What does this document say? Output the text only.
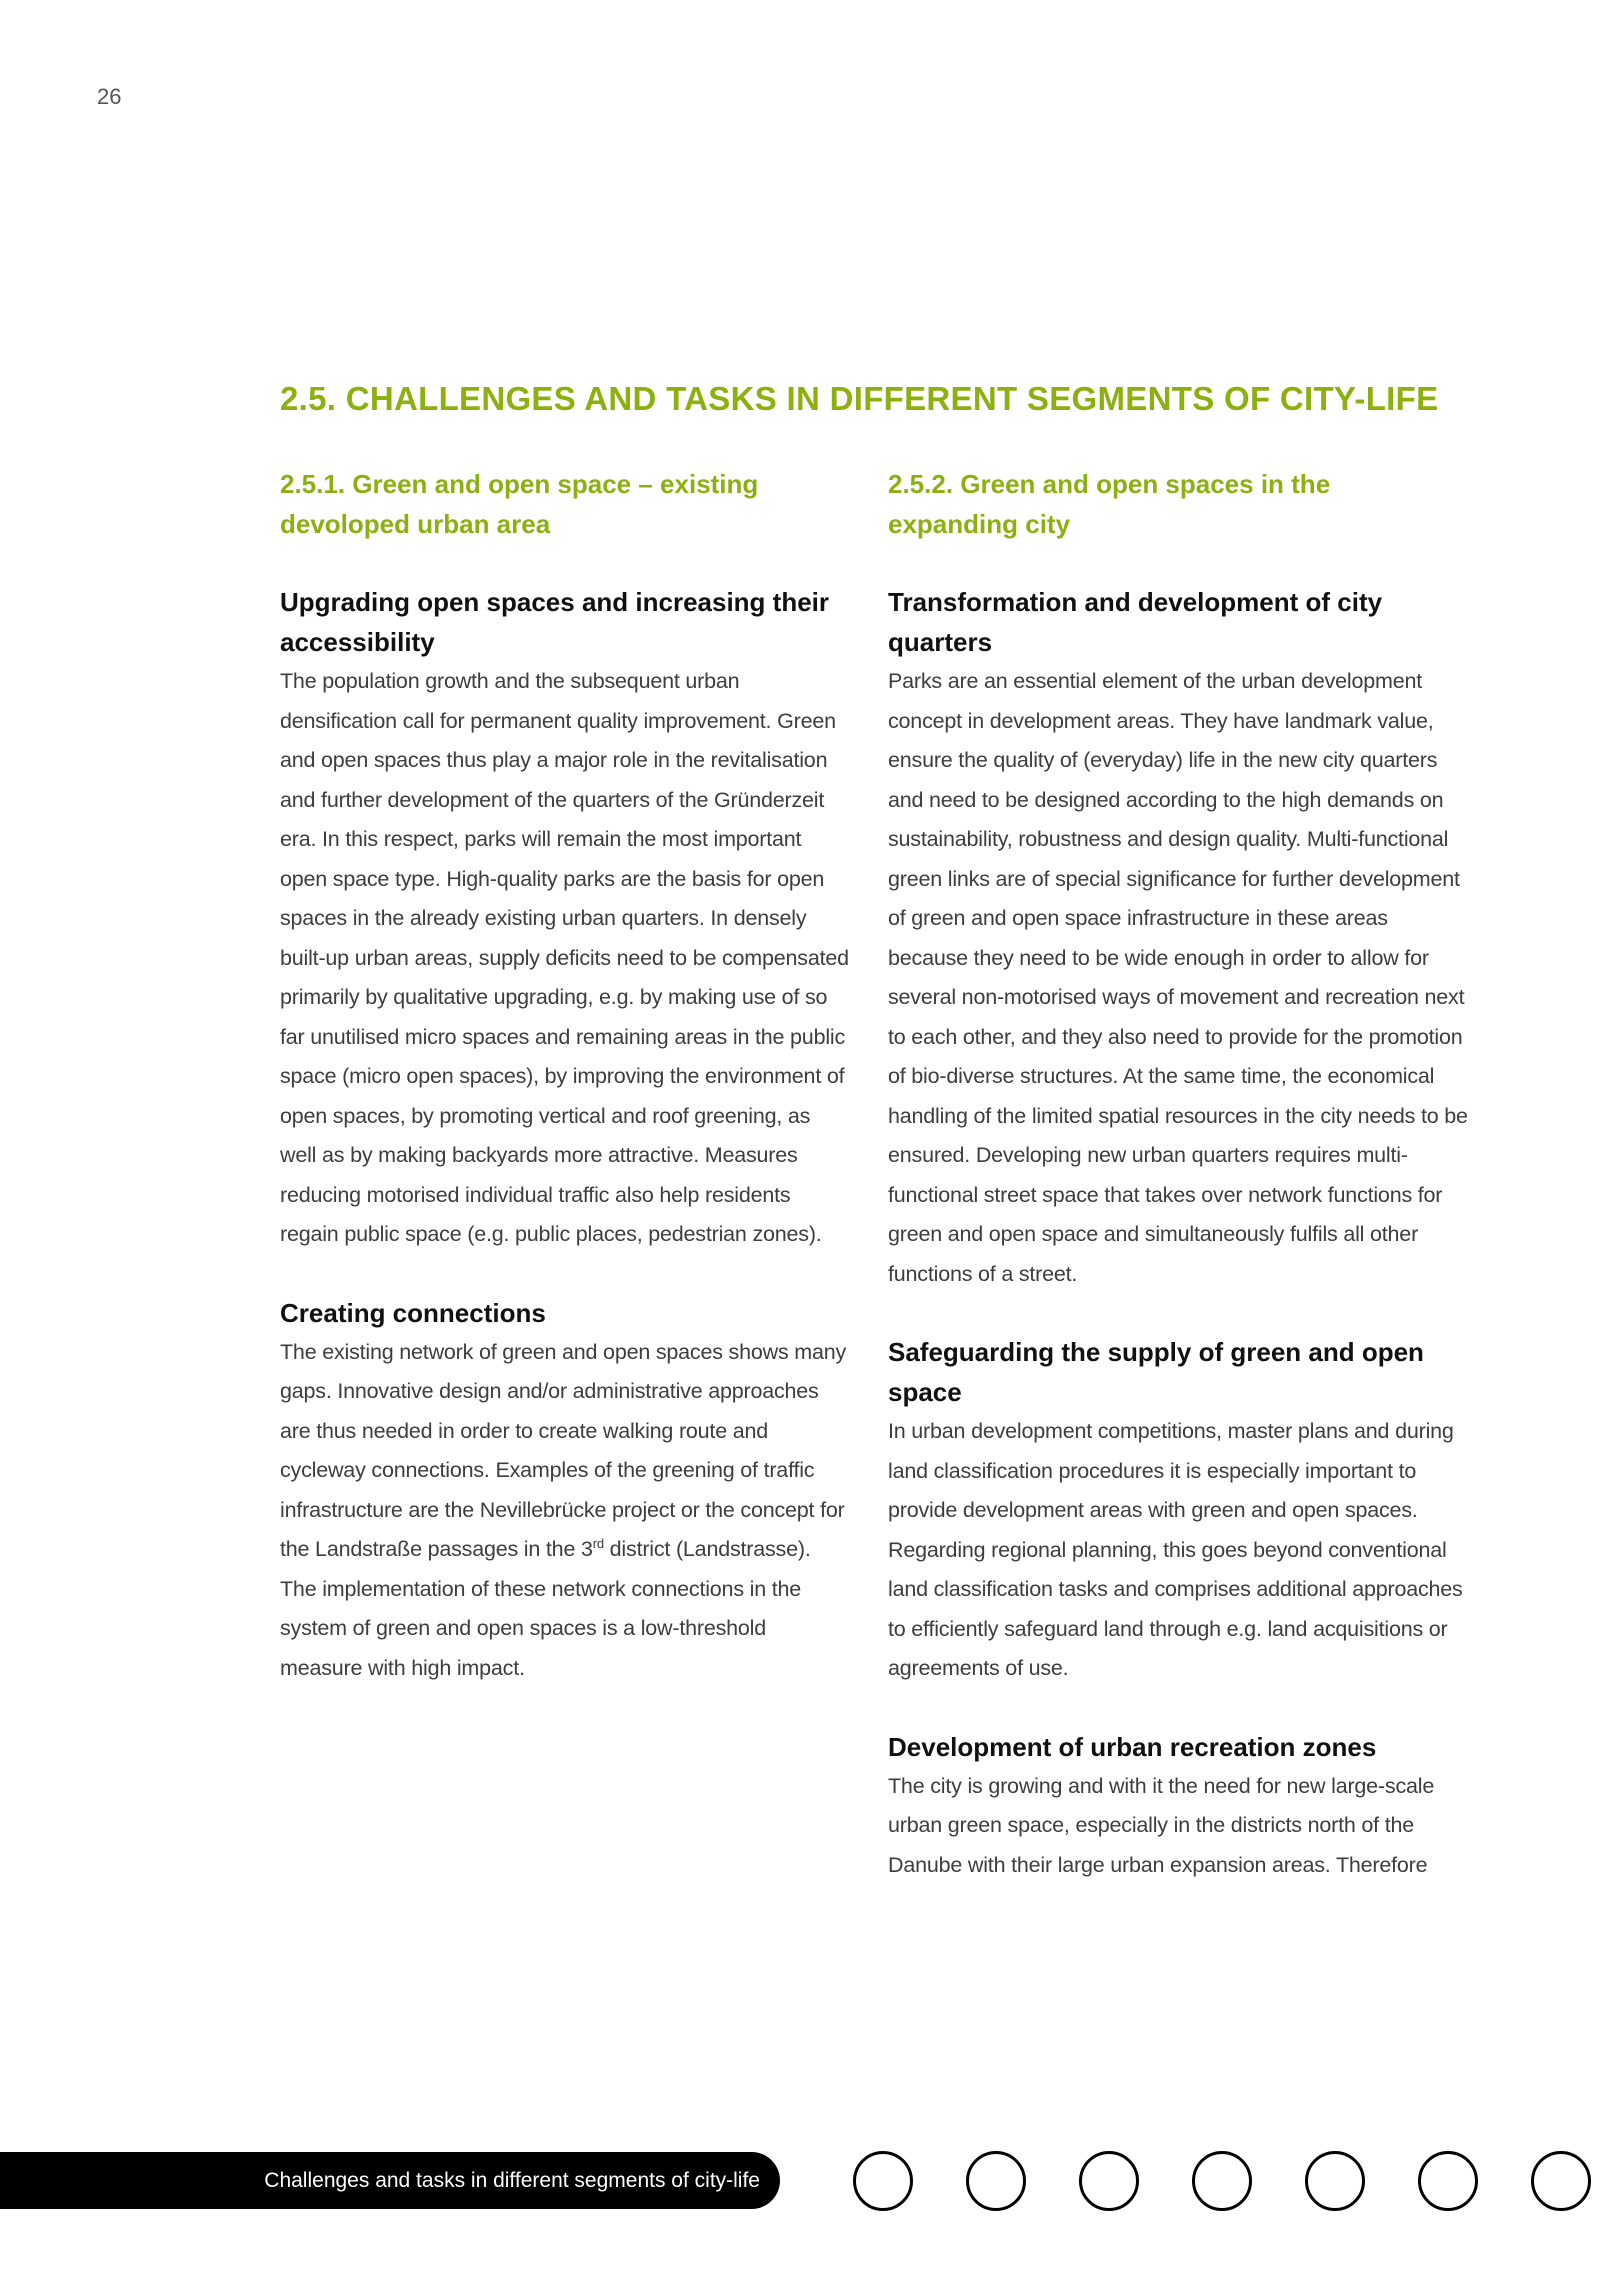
26
2.5. CHALLENGES AND TASKS IN DIFFERENT SEGMENTS OF CITY-LIFE
2.5.1. Green and open space – existing
devoloped urban area
Upgrading open spaces and increasing their accessibility

The population growth and the subsequent urban densification call for permanent quality improvement. Green and open spaces thus play a major role in the revitalisation and further development of the quarters of the Gründerzeit era. In this respect, parks will remain the most important open space type. High-quality parks are the basis for open spaces in the already existing urban quarters. In densely built-up urban areas, supply deficits need to be compensated primarily by qualitative upgrading, e.g. by making use of so far unutilised micro spaces and remaining areas in the public space (micro open spaces), by improving the environment of open spaces, by promoting vertical and roof greening, as well as by making backyards more attractive. Measures reducing motorised individual traffic also help residents regain public space (e.g. public places, pedestrian zones).

Creating connections

The existing network of green and open spaces shows many gaps. Innovative design and/or administrative approaches are thus needed in order to create walking route and cycleway connections. Examples of the greening of traffic infrastructure are the Nevillebrücke project or the concept for the Landstraße passages in the 3rd district (Landstrasse). The implementation of these network connections in the system of green and open spaces is a low-threshold measure with high impact.

2.5.2. Green and open spaces in the
expanding city
Transformation and development of city quarters

Parks are an essential element of the urban development concept in development areas. They have landmark value, ensure the quality of (everyday) life in the new city quarters and need to be designed according to the high demands on sustainability, robustness and design quality. Multi-functional green links are of special significance for further development of green and open space infrastructure in these areas because they need to be wide enough in order to allow for several non-motorised ways of movement and recreation next to each other, and they also need to provide for the promotion of bio-diverse structures. At the same time, the economical handling of the limited spatial resources in the city needs to be ensured. Developing new urban quarters requires multi-functional street space that takes over network functions for green and open space and simultaneously fulfils all other functions of a street.

Safeguarding the supply of green and open space

In urban development competitions, master plans and during land classification procedures it is especially important to provide development areas with green and open spaces. Regarding regional planning, this goes beyond conventional land classification tasks and comprises additional approaches to efficiently safeguard land through e.g. land acquisitions or agreements of use.

Development of urban recreation zones

The city is growing and with it the need for new large-scale urban green space, especially in the districts north of the Danube with their large urban expansion areas. Therefore

Challenges and tasks in different segments of city-life
